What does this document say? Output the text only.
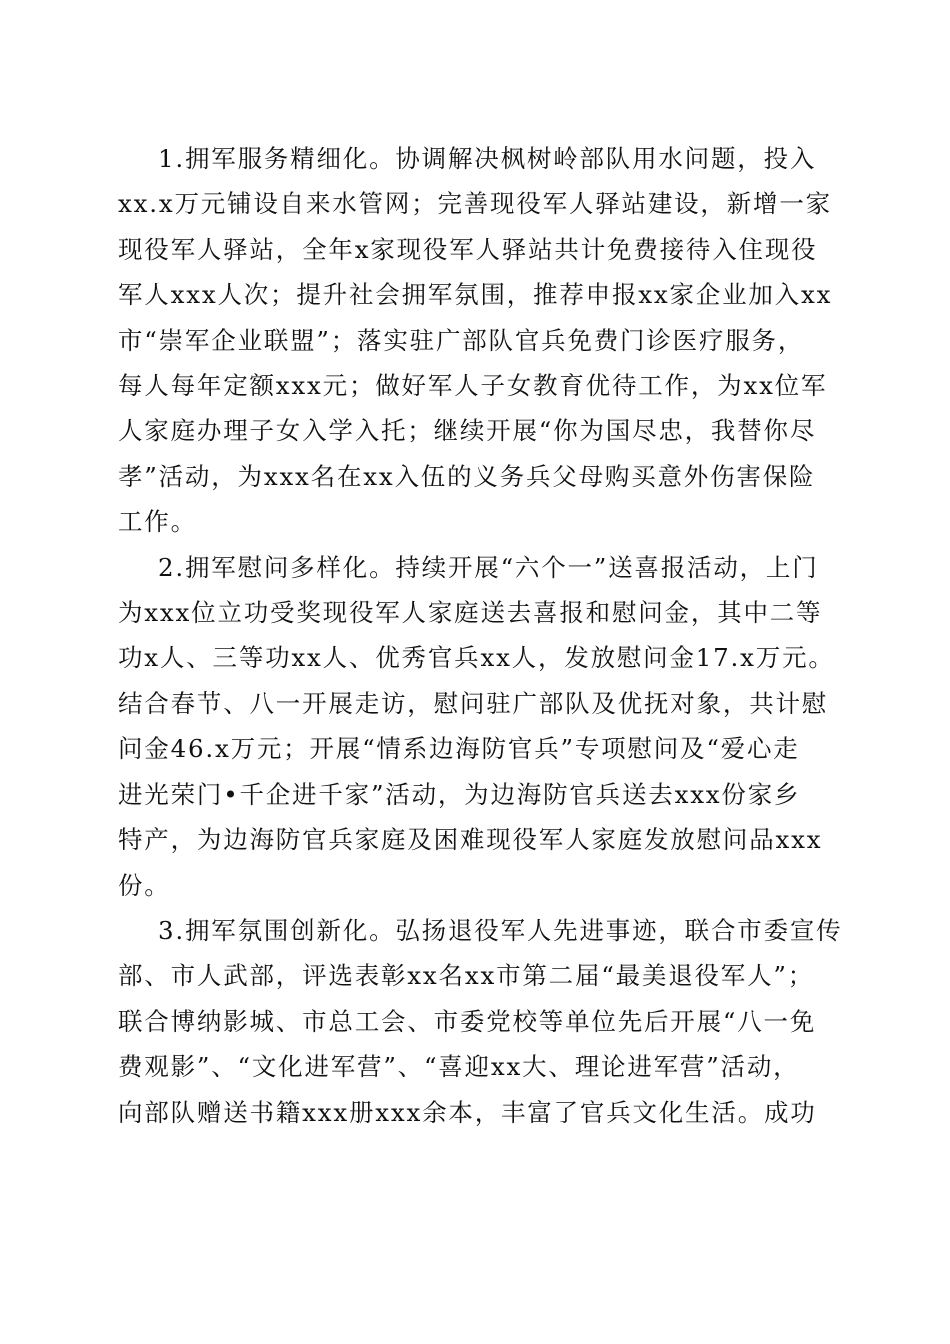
1.拥军服务精细化。协调解决枫树岭部队用水问题，投入
xx.x万元铺设自来水管网；完善现役军人驿站建设，新增一家
现役军人驿站，全年x家现役军人驿站共计免费接待入住现役
军人xxx人次；提升社会拥军氛围，推荐申报xx家企业加入xx
市“崇军企业联盟”；落实驻广部队官兵免费门诊医疗服务，
每人每年定额xxx元；做好军人子女教育优待工作，为xx位军
人家庭办理子女入学入托；继续开展“你为国尽忠，我替你尽
孝”活动，为xxx名在xx入伍的义务兵父母购买意外伤害保险
工作。

2.拥军慰问多样化。持续开展“六个一”送喜报活动，上门
为xxx位立功受奖现役军人家庭送去喜报和慰问金，其中二等
功x人、三等功xx人、优秀官兵xx人，发放慰问金17.x万元。
结合春节、八一开展走访，慰问驻广部队及优抚对象，共计慰
问金46.x万元；开展“情系边海防官兵”专项慰问及“爱心走
进光荣门•千企进千家”活动，为边海防官兵送去xxx份家乡
特产，为边海防官兵家庭及困难现役军人家庭发放慰问品xxx
份。

3.拥军氛围创新化。弘扬退役军人先进事迹，联合市委宣传
部、市人武部，评选表彰xx名xx市第二届“最美退役军人”；
联合博纳影城、市总工会、市委党校等单位先后开展“八一免
费观影”、“文化进军营”、“喜迎xx大、理论进军营”活动，
向部队赠送书籍xxx册xxx余本，丰富了官兵文化生活。成功
